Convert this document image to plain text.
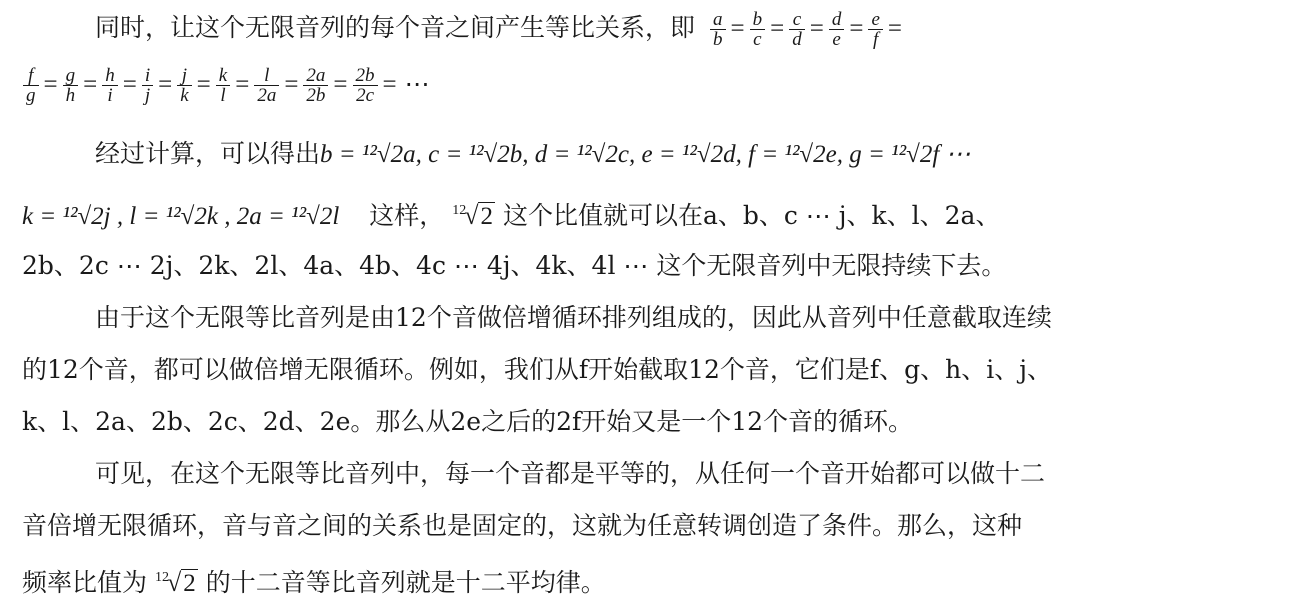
同时，让这个无限音列的每个音之间产生等比关系，即 $\frac{a}{b} = \frac{b}{c} = \frac{c}{d} = \frac{d}{e} = \frac{e}{f}$ =
$\frac{f}{g} = \frac{g}{h} = \frac{h}{i} = \frac{i}{j} = \frac{j}{k} = \frac{k}{l} = \frac{l}{2a} = \frac{2a}{2b} = \frac{2b}{2c}$ = ⋯
经过计算，可以得出b = ¹²√2a, c = ¹²√2b, d = ¹²√2c, e = ¹²√2d, f = ¹²√2e, g = ¹²√2f ⋯
k = ¹²√2j , l = ¹²√2k , 2a = ¹²√2l 这样， $^{12}$√2 这个比值就可以在a、b、c ⋯ j、k、l、2a、
2b、2c ⋯ 2j、2k、2l、4a、4b、4c ⋯ 4j、4k、4l ⋯ 这个无限音列中无限持续下去。
由于这个无限等比音列是由12个音做倍增循环排列组成的，因此从音列中任意截取连续
的12个音，都可以做倍增无限循环。例如，我们从f开始截取12个音，它们是f、g、h、i、j、
k、l、2a、2b、2c、2d、2e。那么从2e之后的2f开始又是一个12个音的循环。
可见，在这个无限等比音列中，每一个音都是平等的，从任何一个音开始都可以做十二
音倍增无限循环，音与音之间的关系也是固定的，这就为任意转调创造了条件。那么，这种
频率比值为 $^{12}$√2 的十二音等比音列就是十二平均律。
